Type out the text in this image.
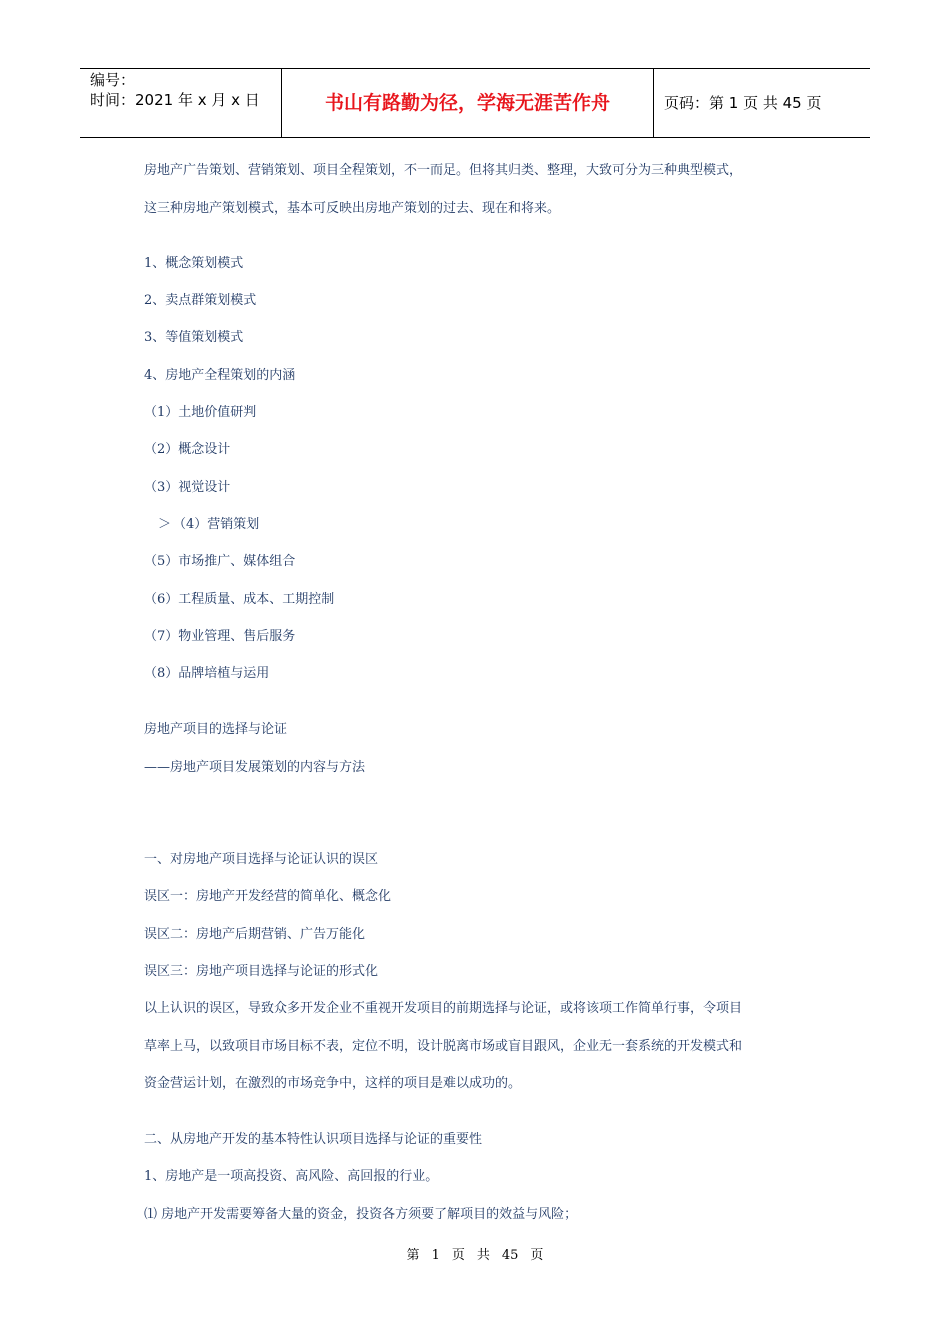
编号：
时间：2021 年 x 月 x 日	书山有路勤为径，学海无涯苦作舟	页码：第 1 页 共 45 页
房地产广告策划、营销策划、项目全程策划，不一而足。但将其归类、整理，大致可分为三种典型模式，
这三种房地产策划模式，基本可反映出房地产策划的过去、现在和将来。
1、概念策划模式
2、卖点群策划模式
3、等值策划模式
4、房地产全程策划的内涵
（1）土地价值研判
（2）概念设计
（3）视觉设计
＞ （4）营销策划
（5）市场推广、媒体组合
（6）工程质量、成本、工期控制
（7）物业管理、售后服务
（8）品牌培植与运用
房地产项目的选择与论证
——房地产项目发展策划的内容与方法
一、对房地产项目选择与论证认识的误区
误区一：房地产开发经营的简单化、概念化
误区二：房地产后期营销、广告万能化
误区三：房地产项目选择与论证的形式化
以上认识的误区，导致众多开发企业不重视开发项目的前期选择与论证，或将该项工作简单行事，令项目
草率上马，以致项目市场目标不表，定位不明，设计脱离市场或盲目跟风，企业无一套系统的开发模式和
资金营运计划，在激烈的市场竞争中，这样的项目是难以成功的。
二、从房地产开发的基本特性认识项目选择与论证的重要性
1、房地产是一项高投资、高风险、高回报的行业。
⑴ 房地产开发需要筹备大量的资金，投资各方须要了解项目的效益与风险；
第 1 页 共 45 页
